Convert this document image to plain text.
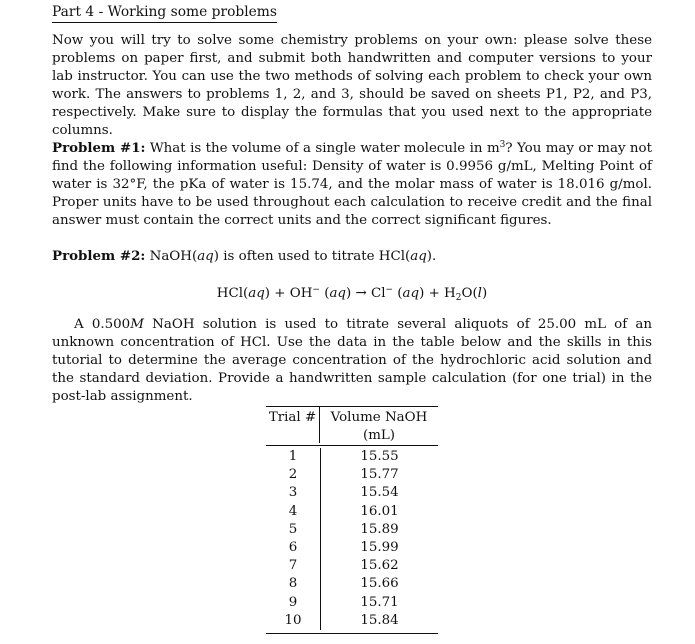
Part 4 - Working some problems

Now you will try to solve some chemistry problems on your own: please solve these problems on paper first, and submit both handwritten and computer versions to your lab instructor. You can use the two methods of solving each problem to check your own work. The answers to problems 1, 2, and 3, should be saved on sheets P1, P2, and P3, respectively. Make sure to display the formulas that you used next to the appropriate columns.

Problem #1: What is the volume of a single water molecule in $m^3$? You may or may not find the following information useful: Density of water is 0.9956 g/mL, Melting Point of water is 32°F, the pKa of water is 15.74, and the molar mass of water is 18.016 g/mol. Proper units have to be used throughout each calculation to receive credit and the final answer must contain the correct units and the correct significant figures.

Problem #2: NaOH(aq) is often used to titrate HCl(aq).

HCl(aq) + OH− (aq) → Cl− $(aq) + H_2O(l)$

A 0.500M NaOH solution is used to titrate several aliquots of 25.00 mL of an unknown concentration of HCl. Use the data in the table below and the skills in this tutorial to determine the average concentration of the hydrochloric acid solution and the standard deviation. Provide a handwritten sample calculation (for one trial) in the post-lab assignment.

Trial #	Volume NaOH
(mL)
1	15.55
2	15.77
3	15.54
4	16.01
5	15.89
6	15.99
7	15.62
8	15.66
9	15.71
10	15.84
